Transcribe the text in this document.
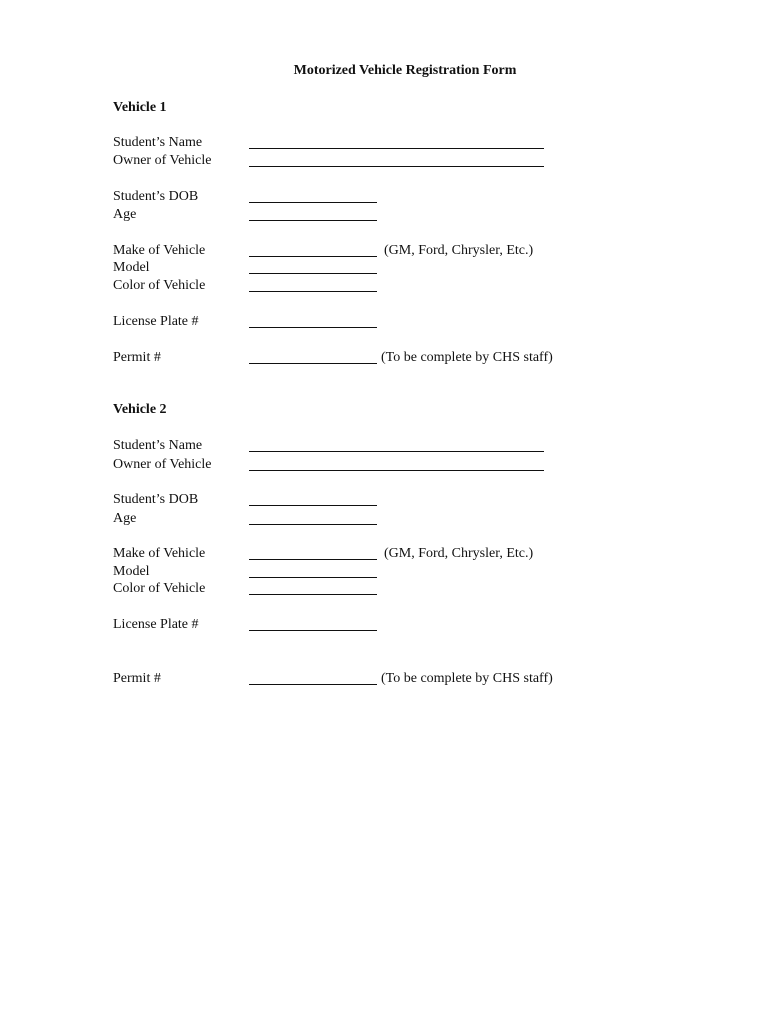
Motorized Vehicle Registration Form
Vehicle 1
Student’s Name
Owner of Vehicle
Student’s DOB
Age
Make of Vehicle	(GM, Ford, Chrysler, Etc.)
Model
Color of Vehicle
License Plate #
Permit #	(To be complete by CHS staff)
Vehicle 2
Student’s Name
Owner of Vehicle
Student’s DOB
Age
Make of Vehicle	(GM, Ford, Chrysler, Etc.)
Model
Color of Vehicle
License Plate #
Permit #	(To be complete by CHS staff)
